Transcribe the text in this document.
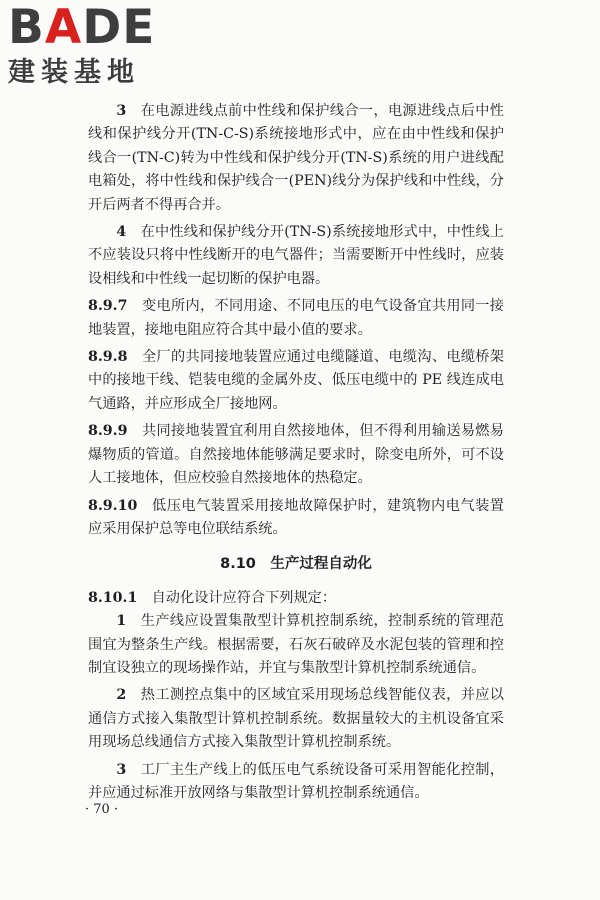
BADE
建装基地

3  在电源进线点前中性线和保护线合一，电源进线点后中性线和保护线分开(TN-C-S)系统接地形式中，应在由中性线和保护线合一(TN-C)转为中性线和保护线分开(TN-S)系统的用户进线配电箱处，将中性线和保护线合一(PEN)线分为保护线和中性线，分开后两者不得再合并。

4  在中性线和保护线分开(TN-S)系统接地形式中，中性线上不应装设只将中性线断开的电气器件；当需要断开中性线时，应装设相线和中性线一起切断的保护电器。

8.9.7  变电所内，不同用途、不同电压的电气设备宜共用同一接地装置，接地电阻应符合其中最小值的要求。

8.9.8  全厂的共同接地装置应通过电缆隧道、电缆沟、电缆桥架中的接地干线、铠装电缆的金属外皮、低压电缆中的 PE 线连成电气通路，并应形成全厂接地网。

8.9.9  共同接地装置宜利用自然接地体，但不得利用输送易燃易爆物质的管道。自然接地体能够满足要求时，除变电所外，可不设人工接地体，但应校验自然接地体的热稳定。

8.9.10  低压电气装置采用接地故障保护时，建筑物内电气装置应采用保护总等电位联结系统。

8.10  生产过程自动化

8.10.1  自动化设计应符合下列规定：

1  生产线应设置集散型计算机控制系统，控制系统的管理范围宜为整条生产线。根据需要，石灰石破碎及水泥包装的管理和控制宜设独立的现场操作站，并宜与集散型计算机控制系统通信。

2  热工测控点集中的区域宜采用现场总线智能仪表，并应以通信方式接入集散型计算机控制系统。数据量较大的主机设备宜采用现场总线通信方式接入集散型计算机控制系统。

3  工厂主生产线上的低压电气系统设备可采用智能化控制，并应通过标准开放网络与集散型计算机控制系统通信。

· 70 ·
